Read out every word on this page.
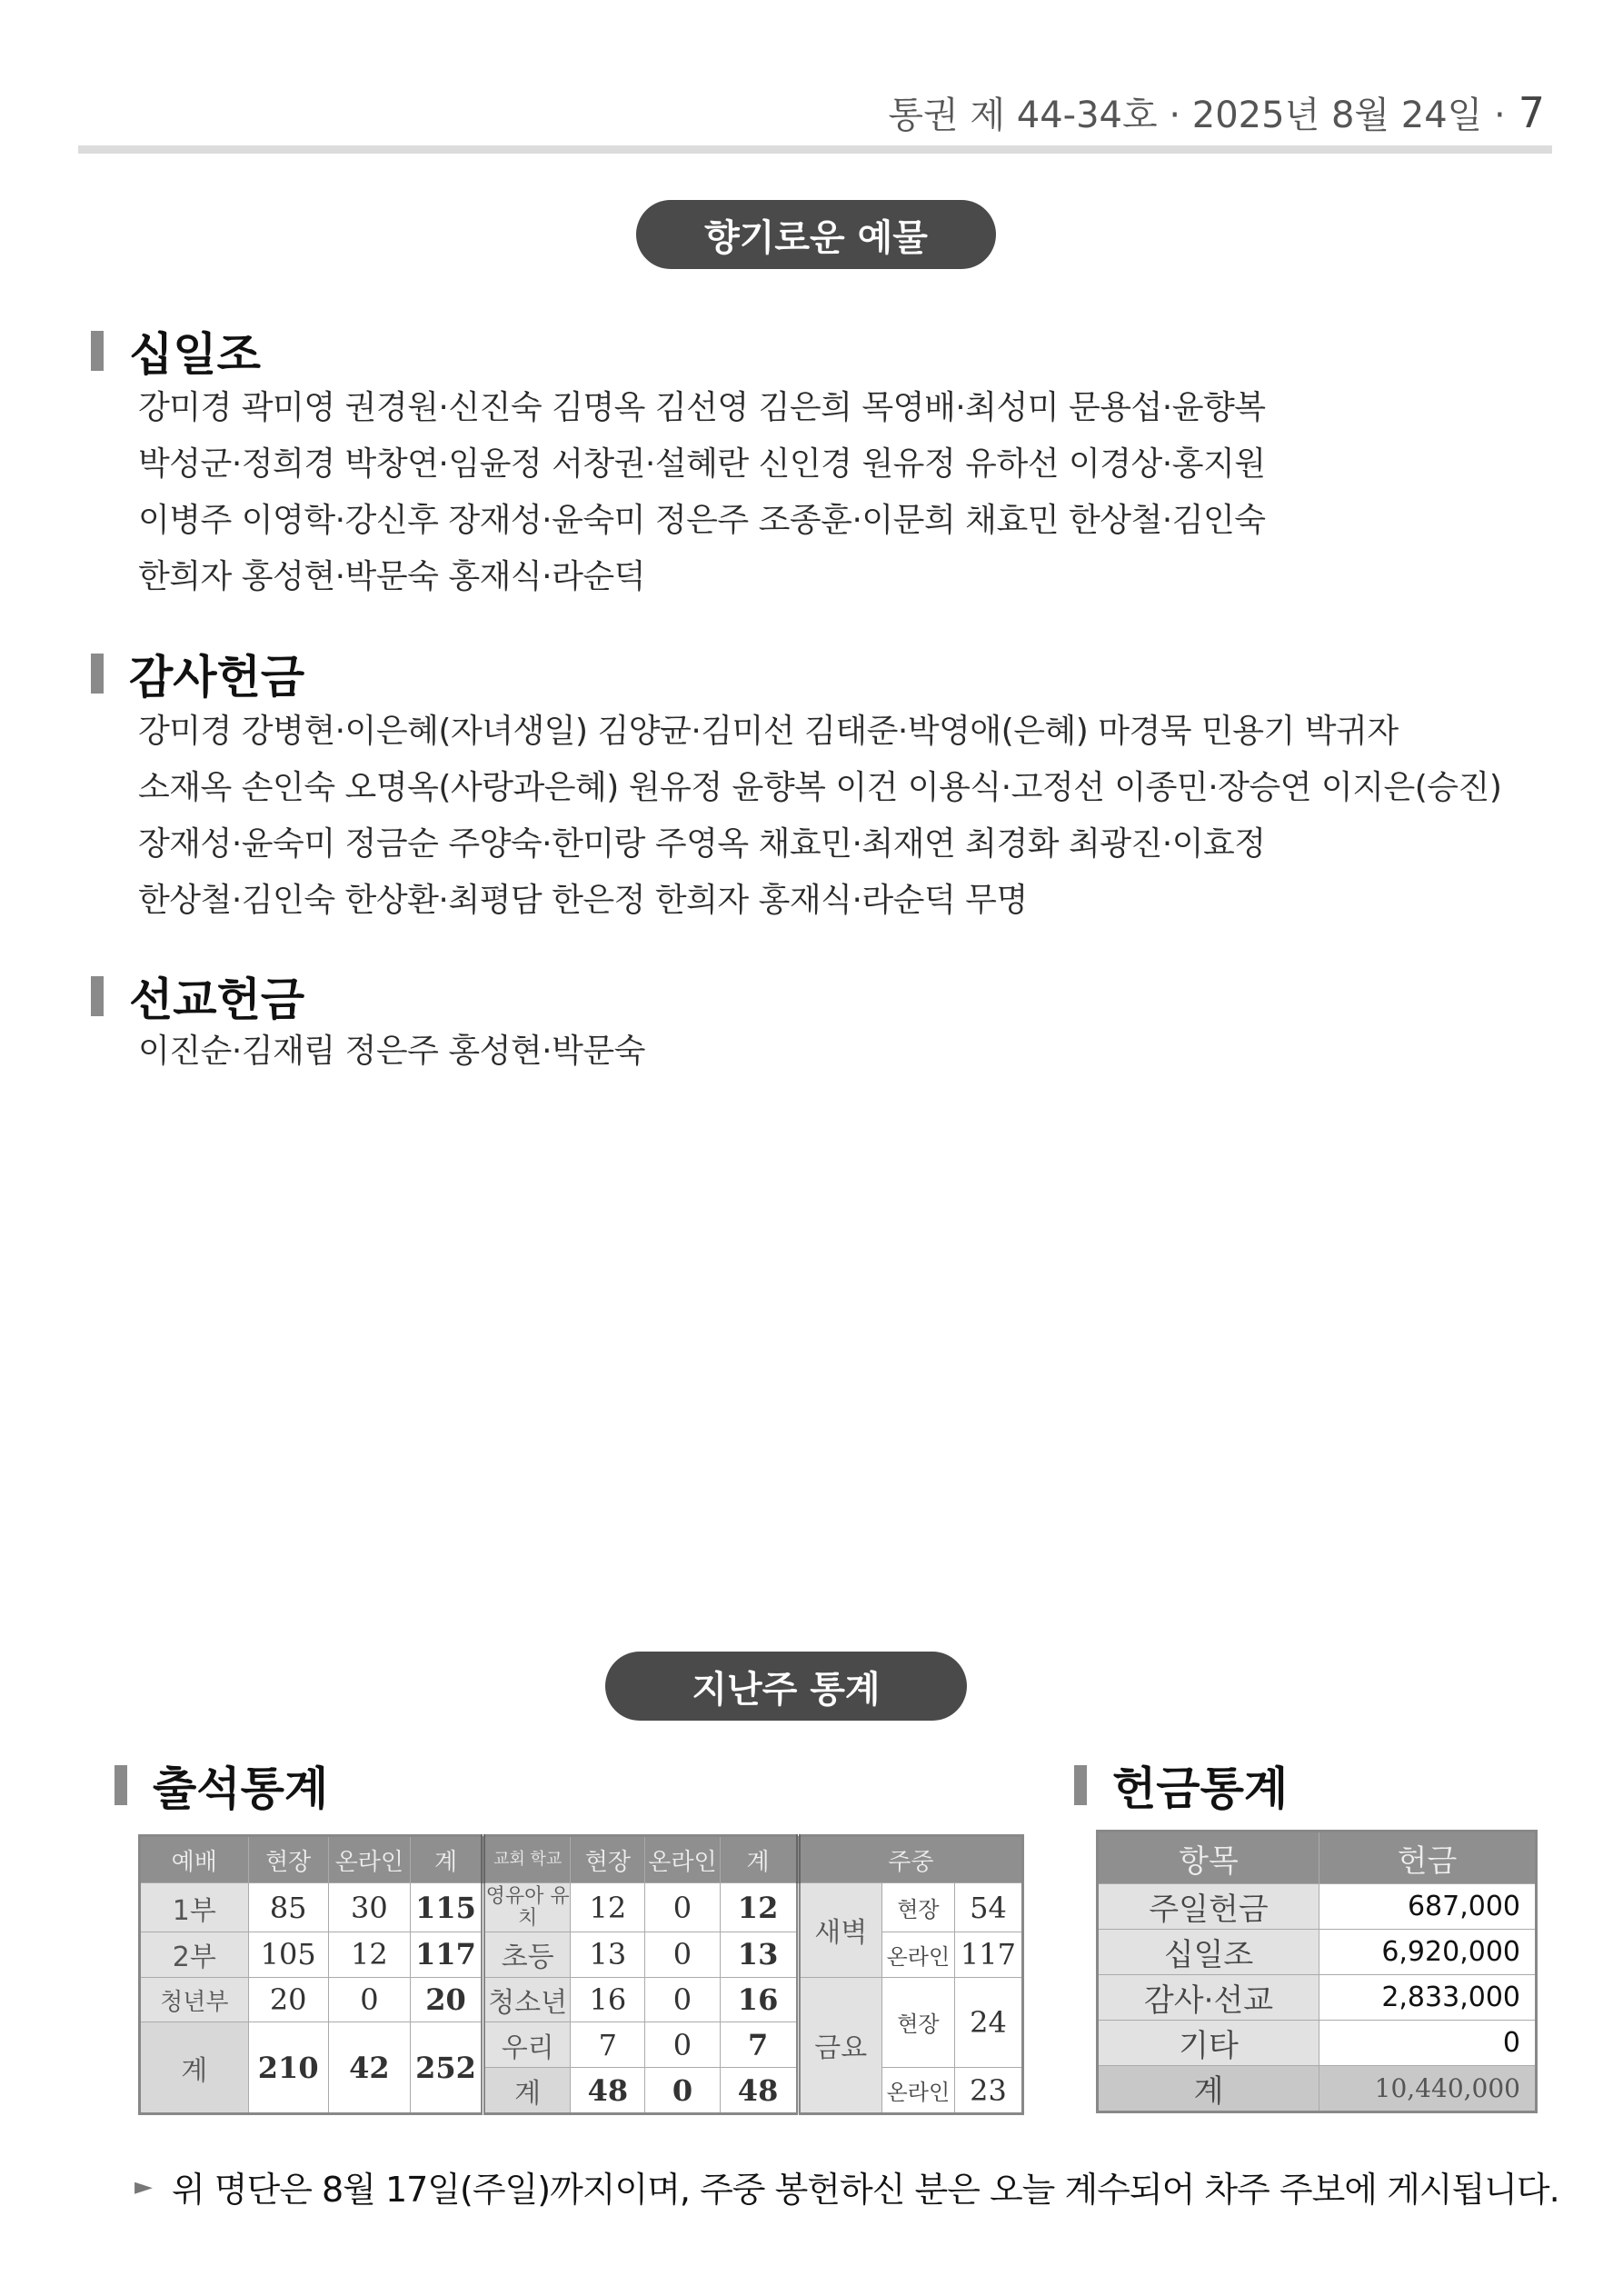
통권 제 44-34호 · 2025년 8월 24일 · 7
향기로운 예물
십일조
강미경 곽미영 권경원·신진숙 김명옥 김선영 김은희 목영배·최성미 문용섭·윤향복
박성군·정희경 박창연·임윤정 서창권·설혜란 신인경 원유정 유하선 이경상·홍지원
이병주 이영학·강신후 장재성·윤숙미 정은주 조종훈·이문희 채효민 한상철·김인숙
한희자 홍성현·박문숙 홍재식·라순덕
감사헌금
강미경 강병현·이은혜(자녀생일) 김양균·김미선 김태준·박영애(은혜) 마경묵 민용기 박귀자
소재옥 손인숙 오명옥(사랑과은혜) 원유정 윤향복 이건 이용식·고정선 이종민·장승연 이지은(승진)
장재성·윤숙미 정금순 주양숙·한미랑 주영옥 채효민·최재연 최경화 최광진·이효정
한상철·김인숙 한상환·최평담 한은정 한희자 홍재식·라순덕 무명
선교헌금
이진순·김재림 정은주 홍성현·박문숙
지난주 통계
출석통계	헌금통계
예배	현장	온라인	계	교회 학교	현장	온라인	계	주중		
1부	85	30	115	영유아 유치	12	0	12	새벽	현장	54
2부	105	12	117	초등	13	0	13		온라인	117
청년부	20	0	20	청소년	16	0	16	금요	현장	24
계	210	42	252	우리	7	0	7			
				계	48	0	48		온라인	23
항목	헌금
주일헌금	687,000
십일조	6,920,000
감사·선교	2,833,000
기타	0
계	10,440,000
► 위 명단은 8월 17일(주일)까지이며, 주중 봉헌하신 분은 오늘 계수되어 차주 주보에 게시됩니다.
